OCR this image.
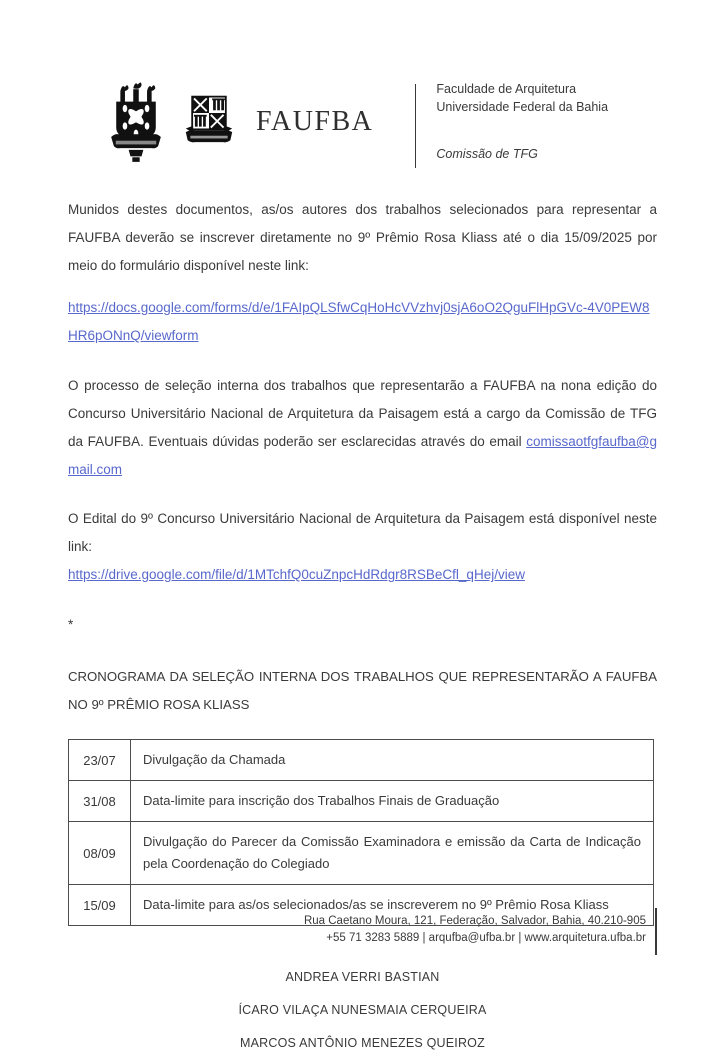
FAUFBA
Faculdade de Arquitetura
Universidade Federal da Bahia
Comissão de TFG

Munidos destes documentos, as/os autores dos trabalhos selecionados para representar a FAUFBA deverão se inscrever diretamente no 9º Prêmio Rosa Kliass até o dia 15/09/2025 por meio do formulário disponível neste link:

https://docs.google.com/forms/d/e/1FAIpQLSfwCqHoHcVVzhvj0sjA6oO2QguFlHpGVc-4V0PEW8HR6pONnQ/viewform

O processo de seleção interna dos trabalhos que representarão a FAUFBA na nona edição do Concurso Universitário Nacional de Arquitetura da Paisagem está a cargo da Comissão de TFG da FAUFBA. Eventuais dúvidas poderão ser esclarecidas através do email comissaotfgfaufba@gmail.com

O Edital do 9º Concurso Universitário Nacional de Arquitetura da Paisagem está disponível neste link:

https://drive.google.com/file/d/1MTchfQ0cuZnpcHdRdgr8RSBeCfl_qHej/view
*
CRONOGRAMA DA SELEÇÃO INTERNA DOS TRABALHOS QUE REPRESENTARÃO A FAUFBA NO 9º PRÊMIO ROSA KLIASS
23/07	Divulgação da Chamada
31/08	Data-limite para inscrição dos Trabalhos Finais de Graduação
08/09	Divulgação do Parecer da Comissão Examinadora e emissão da Carta de Indicação pela Coordenação do Colegiado
15/09	Data-limite para as/os selecionados/as se inscreverem no 9º Prêmio Rosa Kliass
ANDREA VERRI BASTIAN
ÍCARO VILAÇA NUNESMAIA CERQUEIRA
MARCOS ANTÔNIO MENEZES QUEIROZ
Rua Caetano Moura, 121, Federação, Salvador, Bahia, 40.210-905
+55 71 3283 5889 | arqufba@ufba.br | www.arquitetura.ufba.br
